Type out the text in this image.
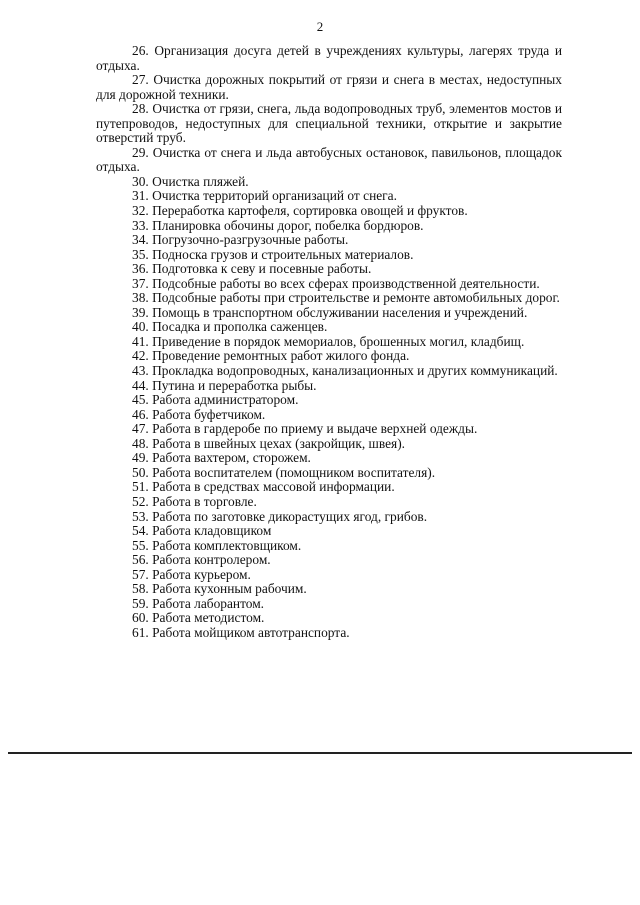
2

26. Организация досуга детей в учреждениях культуры, лагерях труда и отдыха.

27. Очистка дорожных покрытий от грязи и снега в местах, недоступных для дорожной техники.

28. Очистка от грязи, снега, льда водопроводных труб, элементов мостов и путепроводов, недоступных для специальной техники, открытие и закрытие отверстий труб.

29. Очистка от снега и льда автобусных остановок, павильонов, площадок отдыха.

30. Очистка пляжей.

31. Очистка территорий организаций от снега.

32. Переработка картофеля, сортировка овощей и фруктов.

33. Планировка обочины дорог, побелка бордюров.

34. Погрузочно-разгрузочные работы.

35. Подноска грузов и строительных материалов.

36. Подготовка к севу и посевные работы.

37. Подсобные работы во всех сферах производственной деятельности.

38. Подсобные работы при строительстве и ремонте автомобильных дорог.

39. Помощь в транспортном обслуживании населения и учреждений.

40. Посадка и прополка саженцев.

41. Приведение в порядок мемориалов, брошенных могил, кладбищ.

42. Проведение ремонтных работ жилого фонда.

43. Прокладка водопроводных, канализационных и других коммуникаций.

44. Путина и переработка рыбы.

45. Работа администратором.

46. Работа буфетчиком.

47. Работа в гардеробе по приему и выдаче верхней одежды.

48. Работа в швейных цехах (закройщик, швея).

49. Работа вахтером, сторожем.

50. Работа воспитателем (помощником воспитателя).

51. Работа в средствах массовой информации.

52. Работа в торговле.

53. Работа по заготовке дикорастущих ягод, грибов.

54. Работа кладовщиком

55. Работа комплектовщиком.

56. Работа контролером.

57. Работа курьером.

58. Работа кухонным рабочим.

59. Работа лаборантом.

60. Работа методистом.

61. Работа мойщиком автотранспорта.
